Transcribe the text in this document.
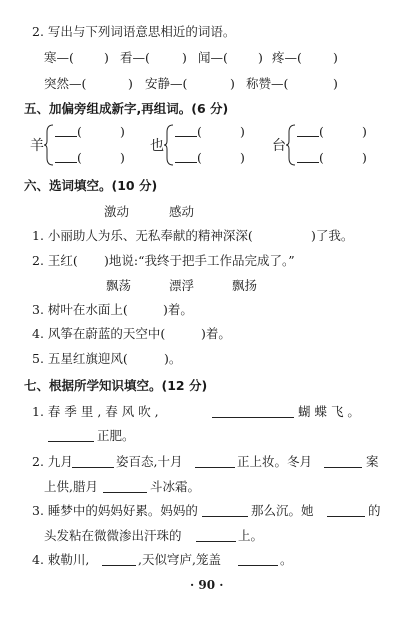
2. 写出与下列词语意思相近的词语。
寒—( ) 看—(	) 闻—( ) 疼—( )
突然—(	) 安静—(	) 称赞—(	)
五、加偏旁组成新字,再组词。(6 分)
羊
(	)
(	)
也
(	)
(	)
台
(	)
(	)
六、选词填空。(10 分)
激动	感动
1. 小丽助人为乐、无私奉献的精神深深(	)了我。
2. 王红( )地说:“我终于把手工作品完成了。”
飘荡	漂浮	飘扬
3. 树叶在水面上(	)着。
4. 风筝在蔚蓝的天空中(	)着。
5. 五星红旗迎风(	)。
七、根据所学知识填空。(12 分)
1. 春 季 里 , 春 风 吹 ,	蝴 蝶 飞 。
正肥。
2. 九月	姿百态,十月	正上妆。冬月	案
上供,腊月	斗冰霜。
3. 睡梦中的妈妈好累。妈妈的	那么沉。她	的
头发粘在微微渗出汗珠的	上。
4. 敕勒川,	,天似穹庐,笼盖	。
· 90 ·
